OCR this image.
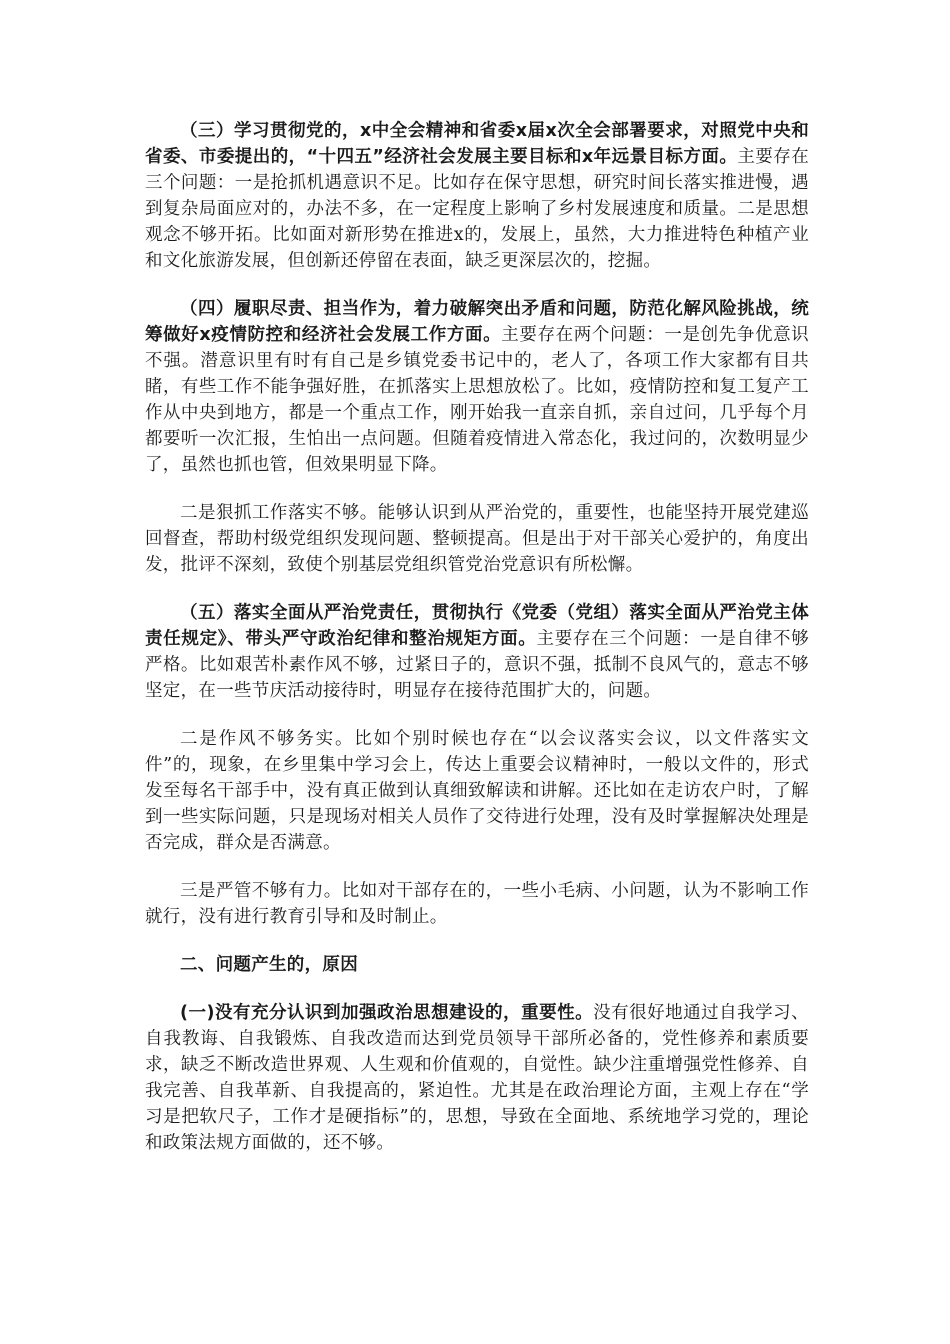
（三）学习贯彻党的，x中全会精神和省委x届x次全会部署要求，对照党中央和省委、市委提出的，“十四五”经济社会发展主要目标和x年远景目标方面。主要存在三个问题：一是抢抓机遇意识不足。比如存在保守思想，研究时间长落实推进慢，遇到复杂局面应对的，办法不多，在一定程度上影响了乡村发展速度和质量。二是思想观念不够开拓。比如面对新形势在推进x的，发展上，虽然，大力推进特色种植产业和文化旅游发展，但创新还停留在表面，缺乏更深层次的，挖掘。

（四）履职尽责、担当作为，着力破解突出矛盾和问题，防范化解风险挑战，统筹做好x疫情防控和经济社会发展工作方面。主要存在两个问题：一是创先争优意识不强。潜意识里有时有自己是乡镇党委书记中的，老人了，各项工作大家都有目共睹，有些工作不能争强好胜，在抓落实上思想放松了。比如，疫情防控和复工复产工作从中央到地方，都是一个重点工作，刚开始我一直亲自抓，亲自过问，几乎每个月都要听一次汇报，生怕出一点问题。但随着疫情进入常态化，我过问的，次数明显少了，虽然也抓也管，但效果明显下降。

二是狠抓工作落实不够。能够认识到从严治党的，重要性，也能坚持开展党建巡回督查，帮助村级党组织发现问题、整顿提高。但是出于对干部关心爱护的，角度出发，批评不深刻，致使个别基层党组织管党治党意识有所松懈。

（五）落实全面从严治党责任，贯彻执行《党委（党组）落实全面从严治党主体责任规定》、带头严守政治纪律和整治规矩方面。主要存在三个问题：一是自律不够严格。比如艰苦朴素作风不够，过紧日子的，意识不强，抵制不良风气的，意志不够坚定，在一些节庆活动接待时，明显存在接待范围扩大的，问题。

二是作风不够务实。比如个别时候也存在“以会议落实会议，以文件落实文件”的，现象，在乡里集中学习会上，传达上重要会议精神时，一般以文件的，形式发至每名干部手中，没有真正做到认真细致解读和讲解。还比如在走访农户时，了解到一些实际问题，只是现场对相关人员作了交待进行处理，没有及时掌握解决处理是否完成，群众是否满意。

三是严管不够有力。比如对干部存在的，一些小毛病、小问题，认为不影响工作就行，没有进行教育引导和及时制止。

二、问题产生的，原因

(一)没有充分认识到加强政治思想建设的，重要性。没有很好地通过自我学习、自我教诲、自我锻炼、自我改造而达到党员领导干部所必备的，党性修养和素质要求，缺乏不断改造世界观、人生观和价值观的，自觉性。缺少注重增强党性修养、自我完善、自我革新、自我提高的，紧迫性。尤其是在政治理论方面，主观上存在“学习是把软尺子，工作才是硬指标”的，思想，导致在全面地、系统地学习党的，理论和政策法规方面做的，还不够。
